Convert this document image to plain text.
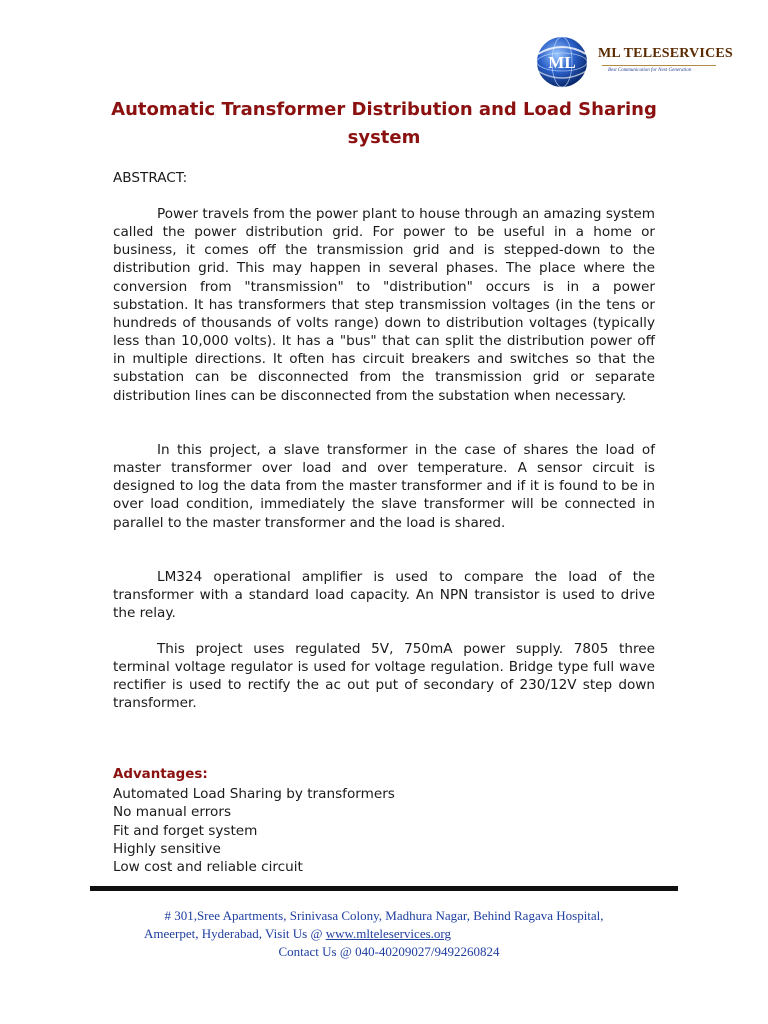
ML ML TELESERVICES
Best Communication for Next Generation
Automatic Transformer Distribution and Load Sharing system
ABSTRACT:

Power travels from the power plant to house through an amazing system called the power distribution grid. For power to be useful in a home or business, it comes off the transmission grid and is stepped-down to the distribution grid. This may happen in several phases. The place where the conversion from "transmission" to "distribution" occurs is in a power substation. It has transformers that step transmission voltages (in the tens or hundreds of thousands of volts range) down to distribution voltages (typically less than 10,000 volts). It has a "bus" that can split the distribution power off in multiple directions. It often has circuit breakers and switches so that the substation can be disconnected from the transmission grid or separate distribution lines can be disconnected from the substation when necessary.

In this project, a slave transformer in the case of shares the load of master transformer over load and over temperature. A sensor circuit is designed to log the data from the master transformer and if it is found to be in over load condition, immediately the slave transformer will be connected in parallel to the master transformer and the load is shared.

LM324 operational amplifier is used to compare the load of the transformer with a standard load capacity. An NPN transistor is used to drive the relay.

This project uses regulated 5V, 750mA power supply. 7805 three terminal voltage regulator is used for voltage regulation. Bridge type full wave rectifier is used to rectify the ac out put of secondary of 230/12V step down transformer.

Advantages:
Automated Load Sharing by transformers
No manual errors
Fit and forget system
Highly sensitive
Low cost and reliable circuit
# 301,Sree Apartments, Srinivasa Colony, Madhura Nagar, Behind Ragava Hospital,
Ameerpet, Hyderabad, Visit Us @ www.mlteleservices.org
Contact Us @ 040-40209027/9492260824
